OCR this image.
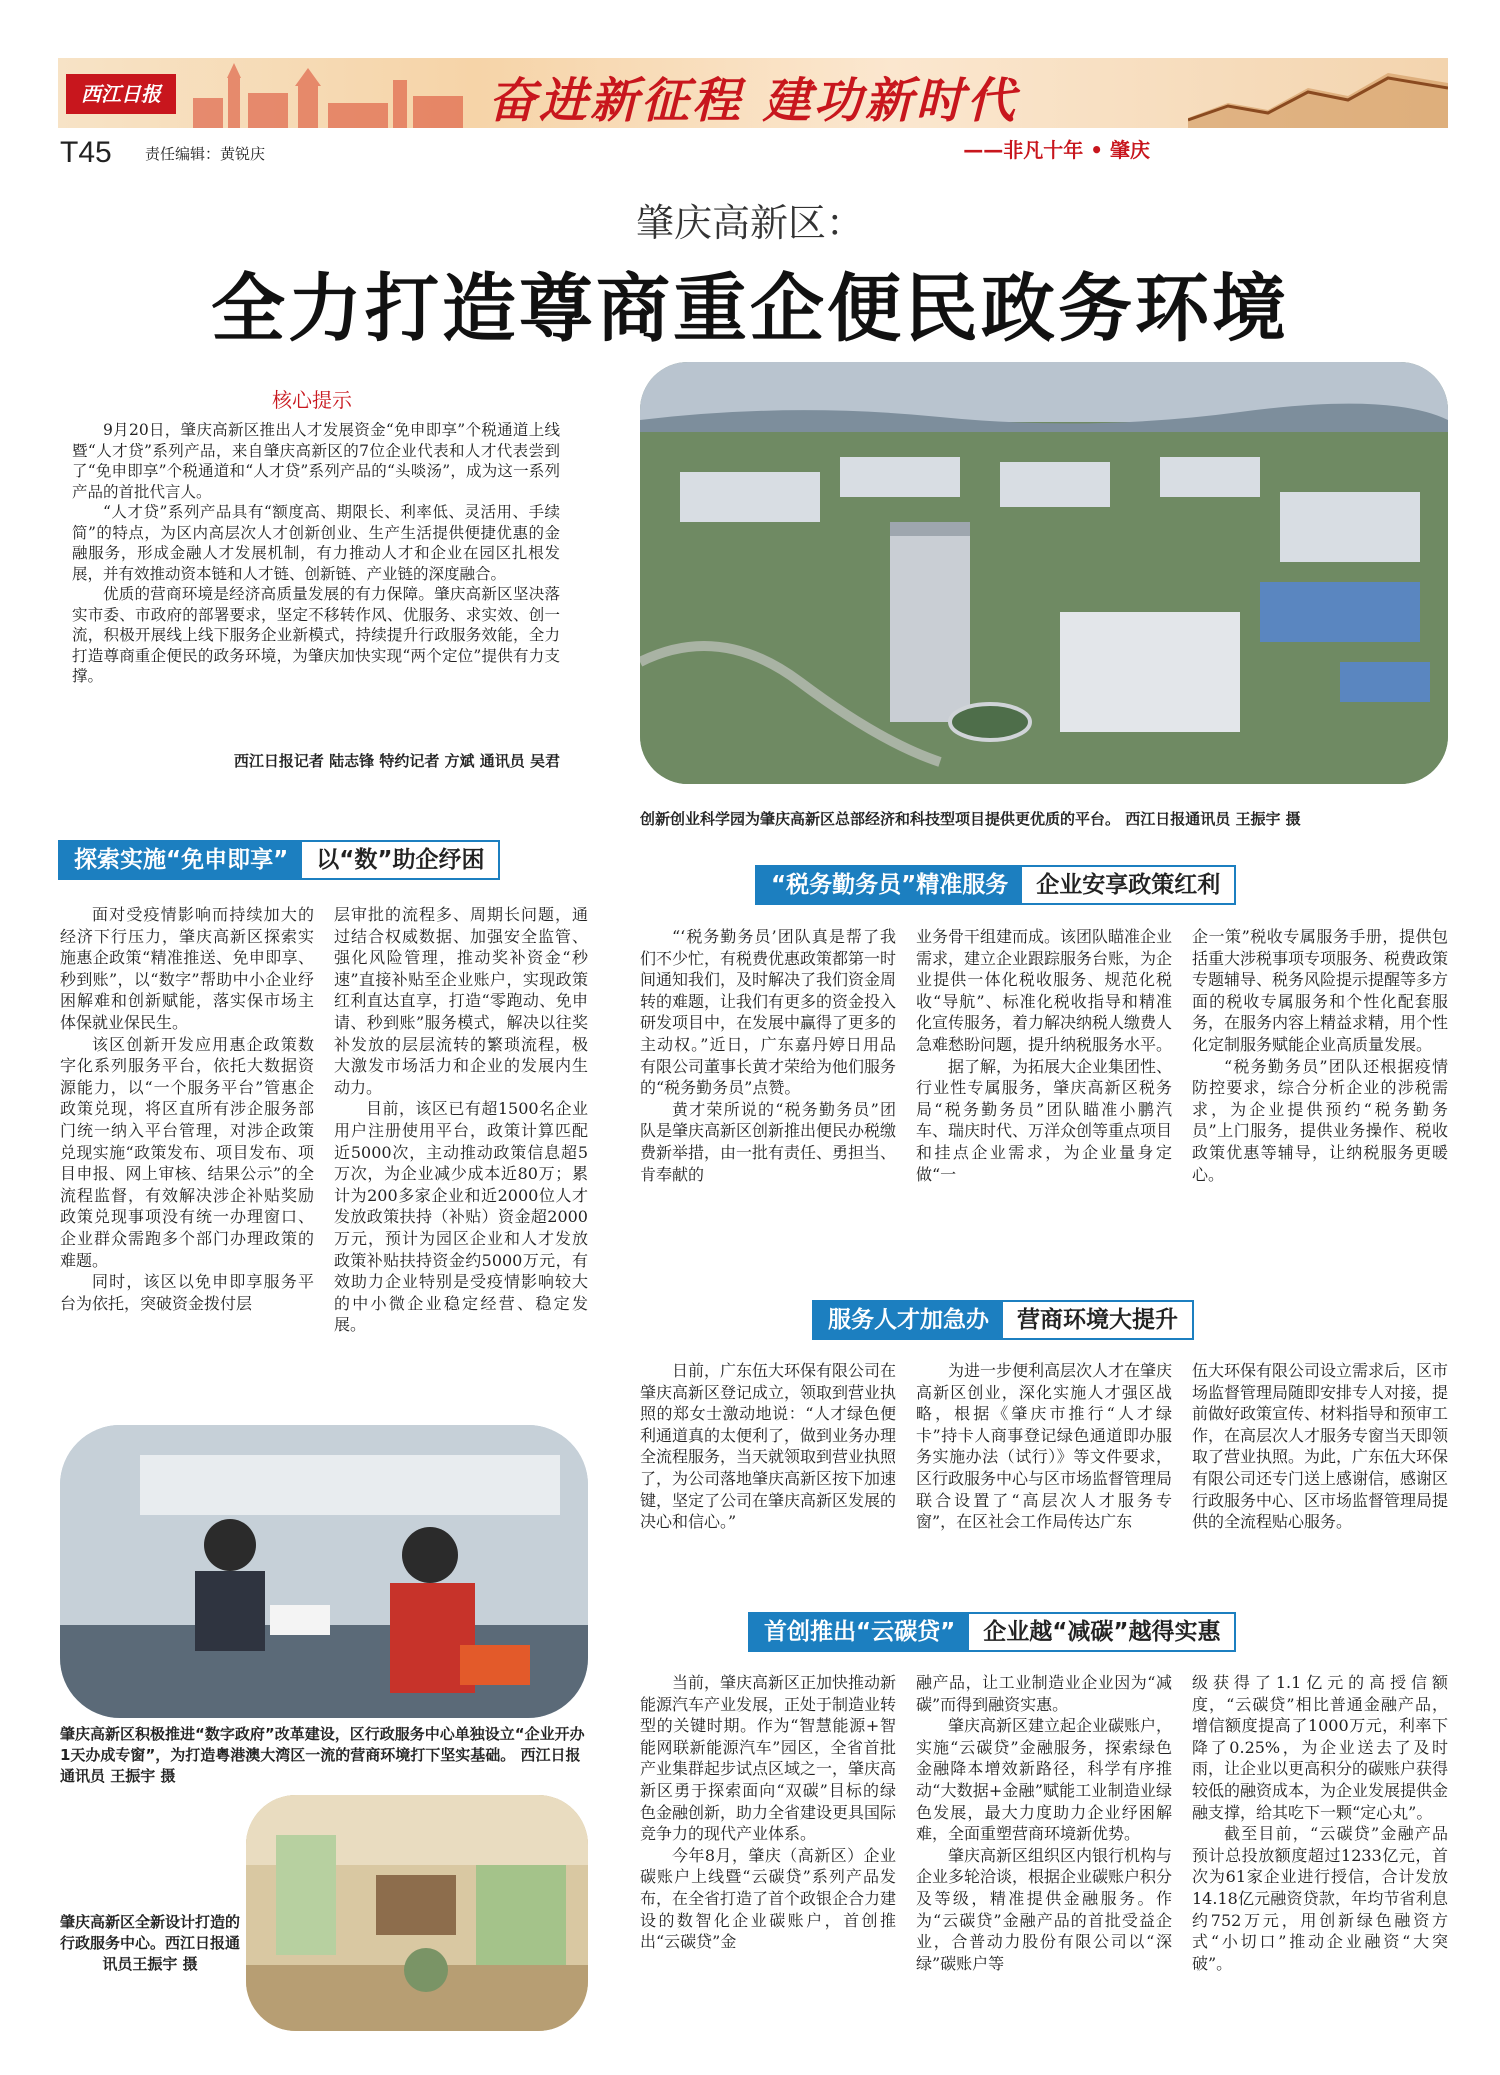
西江日报	奋进新征程 建功新时代
——非凡十年 • 肇庆
T45 责任编辑：黄锐庆
肇庆高新区：
全力打造尊商重企便民政务环境
核心提示

9月20日，肇庆高新区推出人才发展资金“免申即享”个税通道上线暨“人才贷”系列产品，来自肇庆高新区的7位企业代表和人才代表尝到了“免申即享”个税通道和“人才贷”系列产品的“头啖汤”，成为这一系列产品的首批代言人。

“人才贷”系列产品具有“额度高、期限长、利率低、灵活用、手续简”的特点，为区内高层次人才创新创业、生产生活提供便捷优惠的金融服务，形成金融人才发展机制，有力推动人才和企业在园区扎根发展，并有效推动资本链和人才链、创新链、产业链的深度融合。

优质的营商环境是经济高质量发展的有力保障。肇庆高新区坚决落实市委、市政府的部署要求，坚定不移转作风、优服务、求实效、创一流，积极开展线上线下服务企业新模式，持续提升行政服务效能，全力打造尊商重企便民的政务环境，为肇庆加快实现“两个定位”提供有力支撑。

西江日报记者 陆志锋 特约记者 方斌 通讯员 吴君
创新创业科学园为肇庆高新区总部经济和科技型项目提供更优质的平台。 西江日报通讯员 王振宇 摄
探索实施“免申即享”	以“数”助企纾困

面对受疫情影响而持续加大的经济下行压力，肇庆高新区探索实施惠企政策“精准推送、免申即享、秒到账”，以“数字”帮助中小企业纾困解难和创新赋能，落实保市场主体保就业保民生。

该区创新开发应用惠企政策数字化系列服务平台，依托大数据资源能力，以“一个服务平台”管惠企政策兑现，将区直所有涉企服务部门统一纳入平台管理，对涉企政策兑现实施“政策发布、项目发布、项目申报、网上审核、结果公示”的全流程监督，有效解决涉企补贴奖励政策兑现事项没有统一办理窗口、企业群众需跑多个部门办理政策的难题。

同时，该区以免申即享服务平台为依托，突破资金拨付层

层审批的流程多、周期长问题，通过结合权威数据、加强安全监管、强化风险管理，推动奖补资金“秒速”直接补贴至企业账户，实现政策红利直达直享，打造“零跑动、免申请、秒到账”服务模式，解决以往奖补发放的层层流转的繁琐流程，极大激发市场活力和企业的发展内生动力。

目前，该区已有超1500名企业用户注册使用平台，政策计算匹配近5000次，主动推动政策信息超5万次，为企业减少成本近80万；累计为200多家企业和近2000位人才发放政策扶持（补贴）资金超2000万元，预计为园区企业和人才发放政策补贴扶持资金约5000万元，有效助力企业特别是受疫情影响较大的中小微企业稳定经营、稳定发展。

肇庆高新区积极推进“数字政府”改革建设，区行政服务中心单独设立“企业开办1天办成专窗”，为打造粤港澳大湾区一流的营商环境打下坚实基础。 西江日报通讯员 王振宇 摄
肇庆高新区全新设计打造的行政服务中心。西江日报通讯员王振宇 摄
“税务勤务员”精准服务	企业安享政策红利

“‘税务勤务员’团队真是帮了我们不少忙，有税费优惠政策都第一时间通知我们，及时解决了我们资金周转的难题，让我们有更多的资金投入研发项目中，在发展中赢得了更多的主动权。”近日，广东嘉丹婷日用品有限公司董事长黄才荣给为他们服务的“税务勤务员”点赞。

黄才荣所说的“税务勤务员”团队是肇庆高新区创新推出便民办税缴费新举措，由一批有责任、勇担当、肯奉献的

业务骨干组建而成。该团队瞄准企业需求，建立企业跟踪服务台账，为企业提供一体化税收服务、规范化税收“导航”、标准化税收指导和精准化宣传服务，着力解决纳税人缴费人急难愁盼问题，提升纳税服务水平。

据了解，为拓展大企业集团性、行业性专属服务，肇庆高新区税务局“税务勤务员”团队瞄准小鹏汽车、瑞庆时代、万洋众创等重点项目和挂点企业需求，为企业量身定做“一

企一策”税收专属服务手册，提供包括重大涉税事项专项服务、税费政策专题辅导、税务风险提示提醒等多方面的税收专属服务和个性化配套服务，在服务内容上精益求精，用个性化定制服务赋能企业高质量发展。

“税务勤务员”团队还根据疫情防控要求，综合分析企业的涉税需求，为企业提供预约“税务勤务员”上门服务，提供业务操作、税收政策优惠等辅导，让纳税服务更暖心。

服务人才加急办	营商环境大提升

日前，广东伍大环保有限公司在肇庆高新区登记成立，领取到营业执照的郑女士激动地说：“人才绿色便利通道真的太便利了，做到业务办理全流程服务，当天就领取到营业执照了，为公司落地肇庆高新区按下加速键，坚定了公司在肇庆高新区发展的决心和信心。”

为进一步便利高层次人才在肇庆高新区创业，深化实施人才强区战略，根据《肇庆市推行“人才绿卡”持卡人商事登记绿色通道即办服务实施办法（试行）》等文件要求，区行政服务中心与区市场监督管理局联合设置了“高层次人才服务专窗”，在区社会工作局传达广东

伍大环保有限公司设立需求后，区市场监督管理局随即安排专人对接，提前做好政策宣传、材料指导和预审工作，在高层次人才服务专窗当天即领取了营业执照。为此，广东伍大环保有限公司还专门送上感谢信，感谢区行政服务中心、区市场监督管理局提供的全流程贴心服务。

首创推出“云碳贷”	企业越“减碳”越得实惠

当前，肇庆高新区正加快推动新能源汽车产业发展，正处于制造业转型的关键时期。作为“智慧能源+智能网联新能源汽车”园区，全省首批产业集群起步试点区域之一，肇庆高新区勇于探索面向“双碳”目标的绿色金融创新，助力全省建设更具国际竞争力的现代产业体系。

今年8月，肇庆（高新区）企业碳账户上线暨“云碳贷”系列产品发布，在全省打造了首个政银企合力建设的数智化企业碳账户，首创推出“云碳贷”金

融产品，让工业制造业企业因为“减碳”而得到融资实惠。

肇庆高新区建立起企业碳账户，实施“云碳贷”金融服务，探索绿色金融降本增效新路径，科学有序推动“大数据+金融”赋能工业制造业绿色发展，最大力度助力企业纾困解难，全面重塑营商环境新优势。

肇庆高新区组织区内银行机构与企业多轮洽谈，根据企业碳账户积分及等级，精准提供金融服务。作为“云碳贷”金融产品的首批受益企业，合普动力股份有限公司以“深绿”碳账户等

级获得了1.1亿元的高授信额度，“云碳贷”相比普通金融产品，增信额度提高了1000万元，利率下降了0.25%，为企业送去了及时雨，让企业以更高积分的碳账户获得较低的融资成本，为企业发展提供金融支撑，给其吃下一颗“定心丸”。

截至目前，“云碳贷”金融产品预计总投放额度超过1233亿元，首次为61家企业进行授信，合计发放14.18亿元融资贷款，年均节省利息约752万元，用创新绿色融资方式“小切口”推动企业融资“大突破”。
